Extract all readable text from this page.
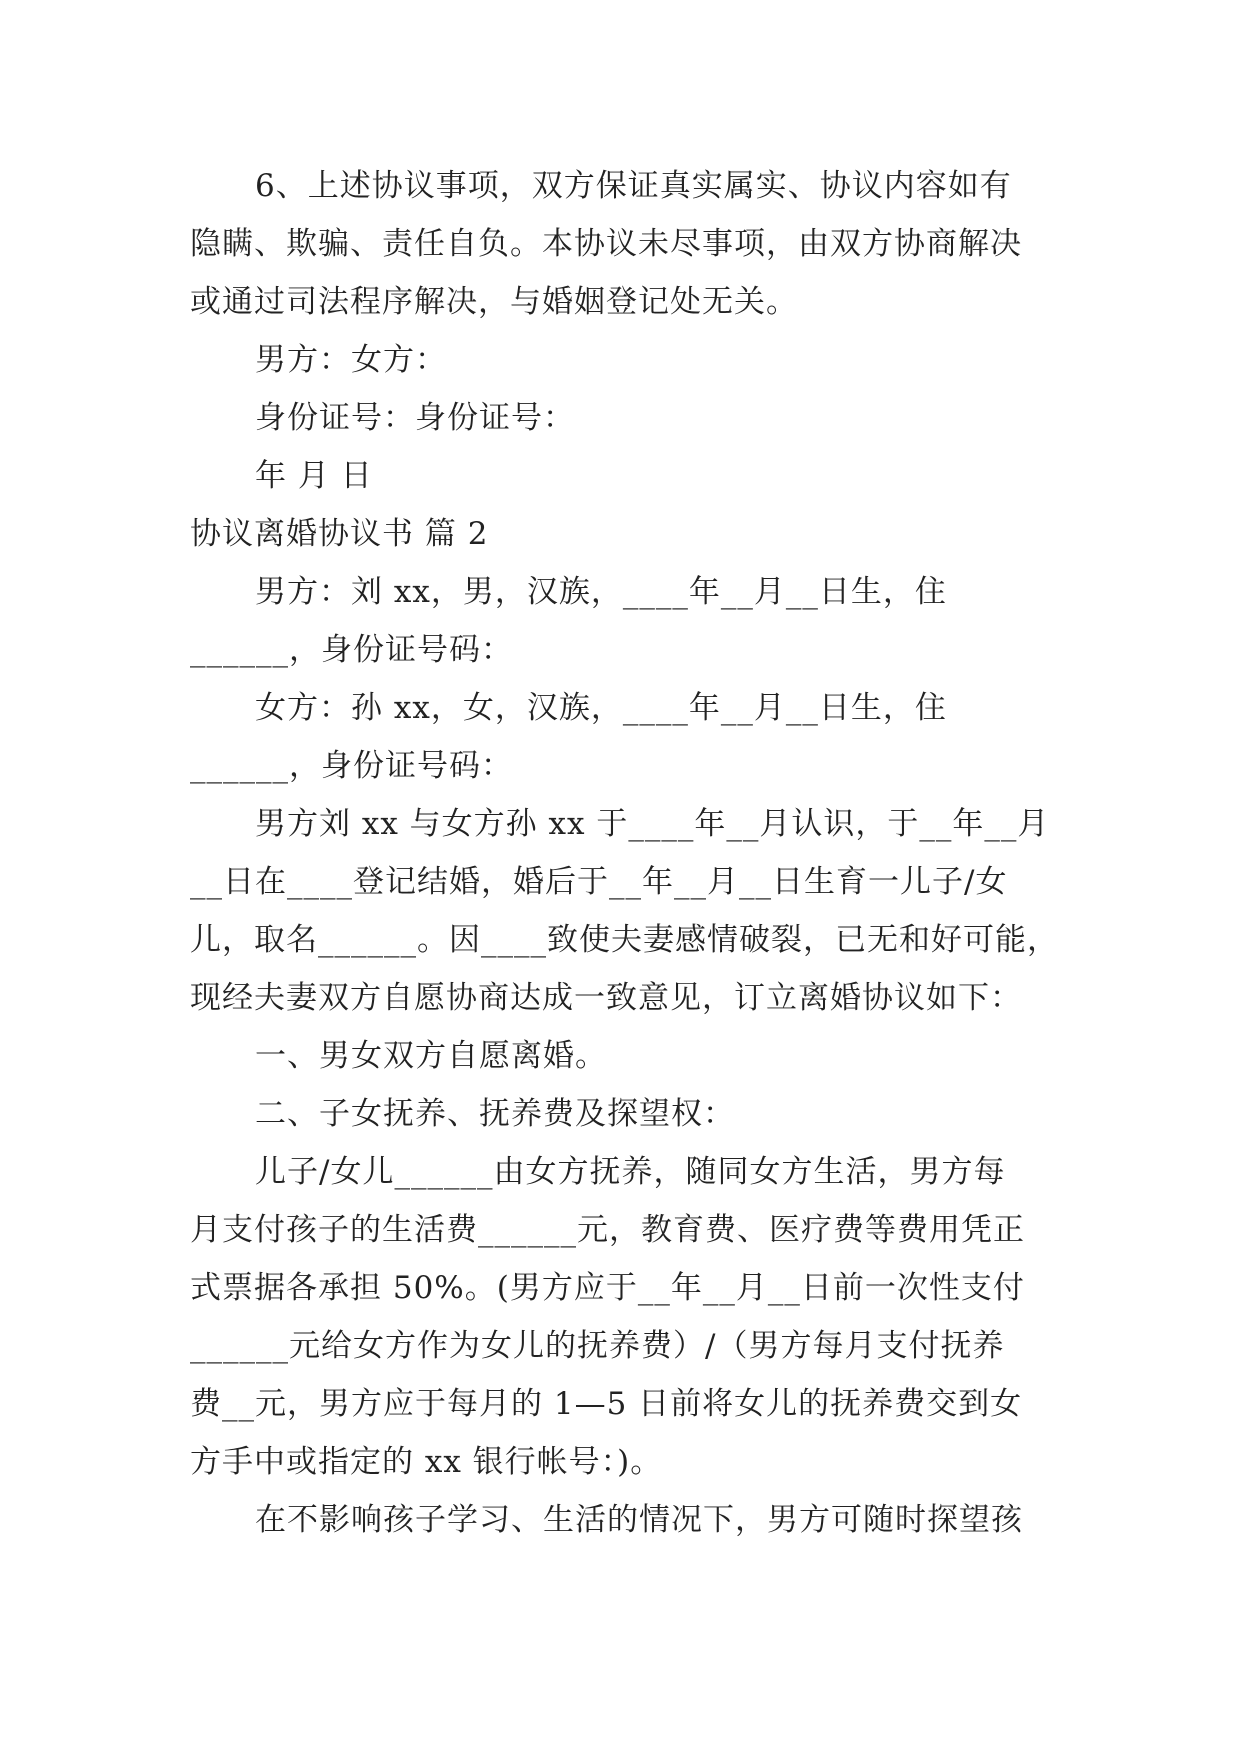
6、上述协议事项，双方保证真实属实、协议内容如有
隐瞒、欺骗、责任自负。本协议未尽事项，由双方协商解决
或通过司法程序解决，与婚姻登记处无关。
男方：女方：
身份证号：身份证号：
年 月 日
协议离婚协议书 篇 2
男方：刘 xx，男，汉族，____年__月__日生，住
______，身份证号码：
女方：孙 xx，女，汉族，____年__月__日生，住
______，身份证号码：
男方刘 xx 与女方孙 xx 于____年__月认识，于__年__月
__日在____登记结婚，婚后于__年__月__日生育一儿子/女
儿，取名______。因____致使夫妻感情破裂，已无和好可能，
现经夫妻双方自愿协商达成一致意见，订立离婚协议如下：
一、男女双方自愿离婚。
二、子女抚养、抚养费及探望权：
儿子/女儿______由女方抚养，随同女方生活，男方每
月支付孩子的生活费______元，教育费、医疗费等费用凭正
式票据各承担 50%。(男方应于__年__月__日前一次性支付
______元给女方作为女儿的抚养费）/（男方每月支付抚养
费__元，男方应于每月的 1—5 日前将女儿的抚养费交到女
方手中或指定的 xx 银行帐号：)。
在不影响孩子学习、生活的情况下，男方可随时探望孩
